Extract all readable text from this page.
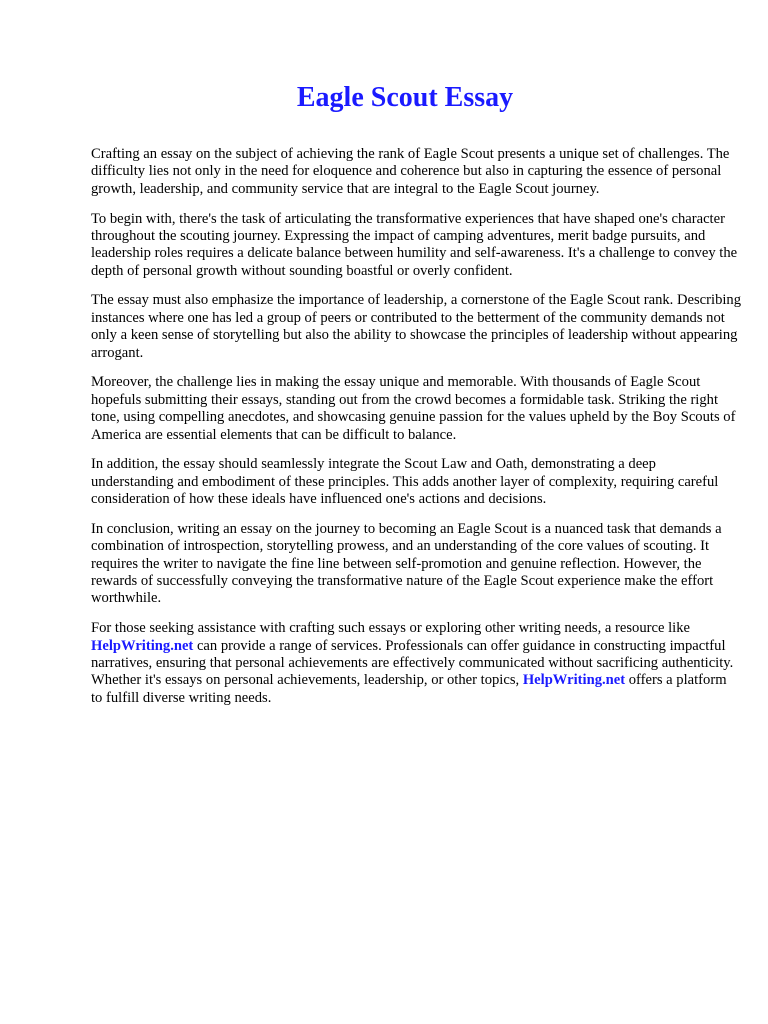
Eagle Scout Essay

Crafting an essay on the subject of achieving the rank of Eagle Scout presents a unique set of challenges. The difficulty lies not only in the need for eloquence and coherence but also in capturing the essence of personal growth, leadership, and community service that are integral to the Eagle Scout journey.

To begin with, there's the task of articulating the transformative experiences that have shaped one's character throughout the scouting journey. Expressing the impact of camping adventures, merit badge pursuits, and leadership roles requires a delicate balance between humility and self-awareness. It's a challenge to convey the depth of personal growth without sounding boastful or overly confident.

The essay must also emphasize the importance of leadership, a cornerstone of the Eagle Scout rank. Describing instances where one has led a group of peers or contributed to the betterment of the community demands not only a keen sense of storytelling but also the ability to showcase the principles of leadership without appearing arrogant.

Moreover, the challenge lies in making the essay unique and memorable. With thousands of Eagle Scout hopefuls submitting their essays, standing out from the crowd becomes a formidable task. Striking the right tone, using compelling anecdotes, and showcasing genuine passion for the values upheld by the Boy Scouts of America are essential elements that can be difficult to balance.

In addition, the essay should seamlessly integrate the Scout Law and Oath, demonstrating a deep understanding and embodiment of these principles. This adds another layer of complexity, requiring careful consideration of how these ideals have influenced one's actions and decisions.

In conclusion, writing an essay on the journey to becoming an Eagle Scout is a nuanced task that demands a combination of introspection, storytelling prowess, and an understanding of the core values of scouting. It requires the writer to navigate the fine line between self-promotion and genuine reflection. However, the rewards of successfully conveying the transformative nature of the Eagle Scout experience make the effort worthwhile.

For those seeking assistance with crafting such essays or exploring other writing needs, a resource like HelpWriting.net can provide a range of services. Professionals can offer guidance in constructing impactful narratives, ensuring that personal achievements are effectively communicated without sacrificing authenticity. Whether it's essays on personal achievements, leadership, or other topics, HelpWriting.net offers a platform to fulfill diverse writing needs.
